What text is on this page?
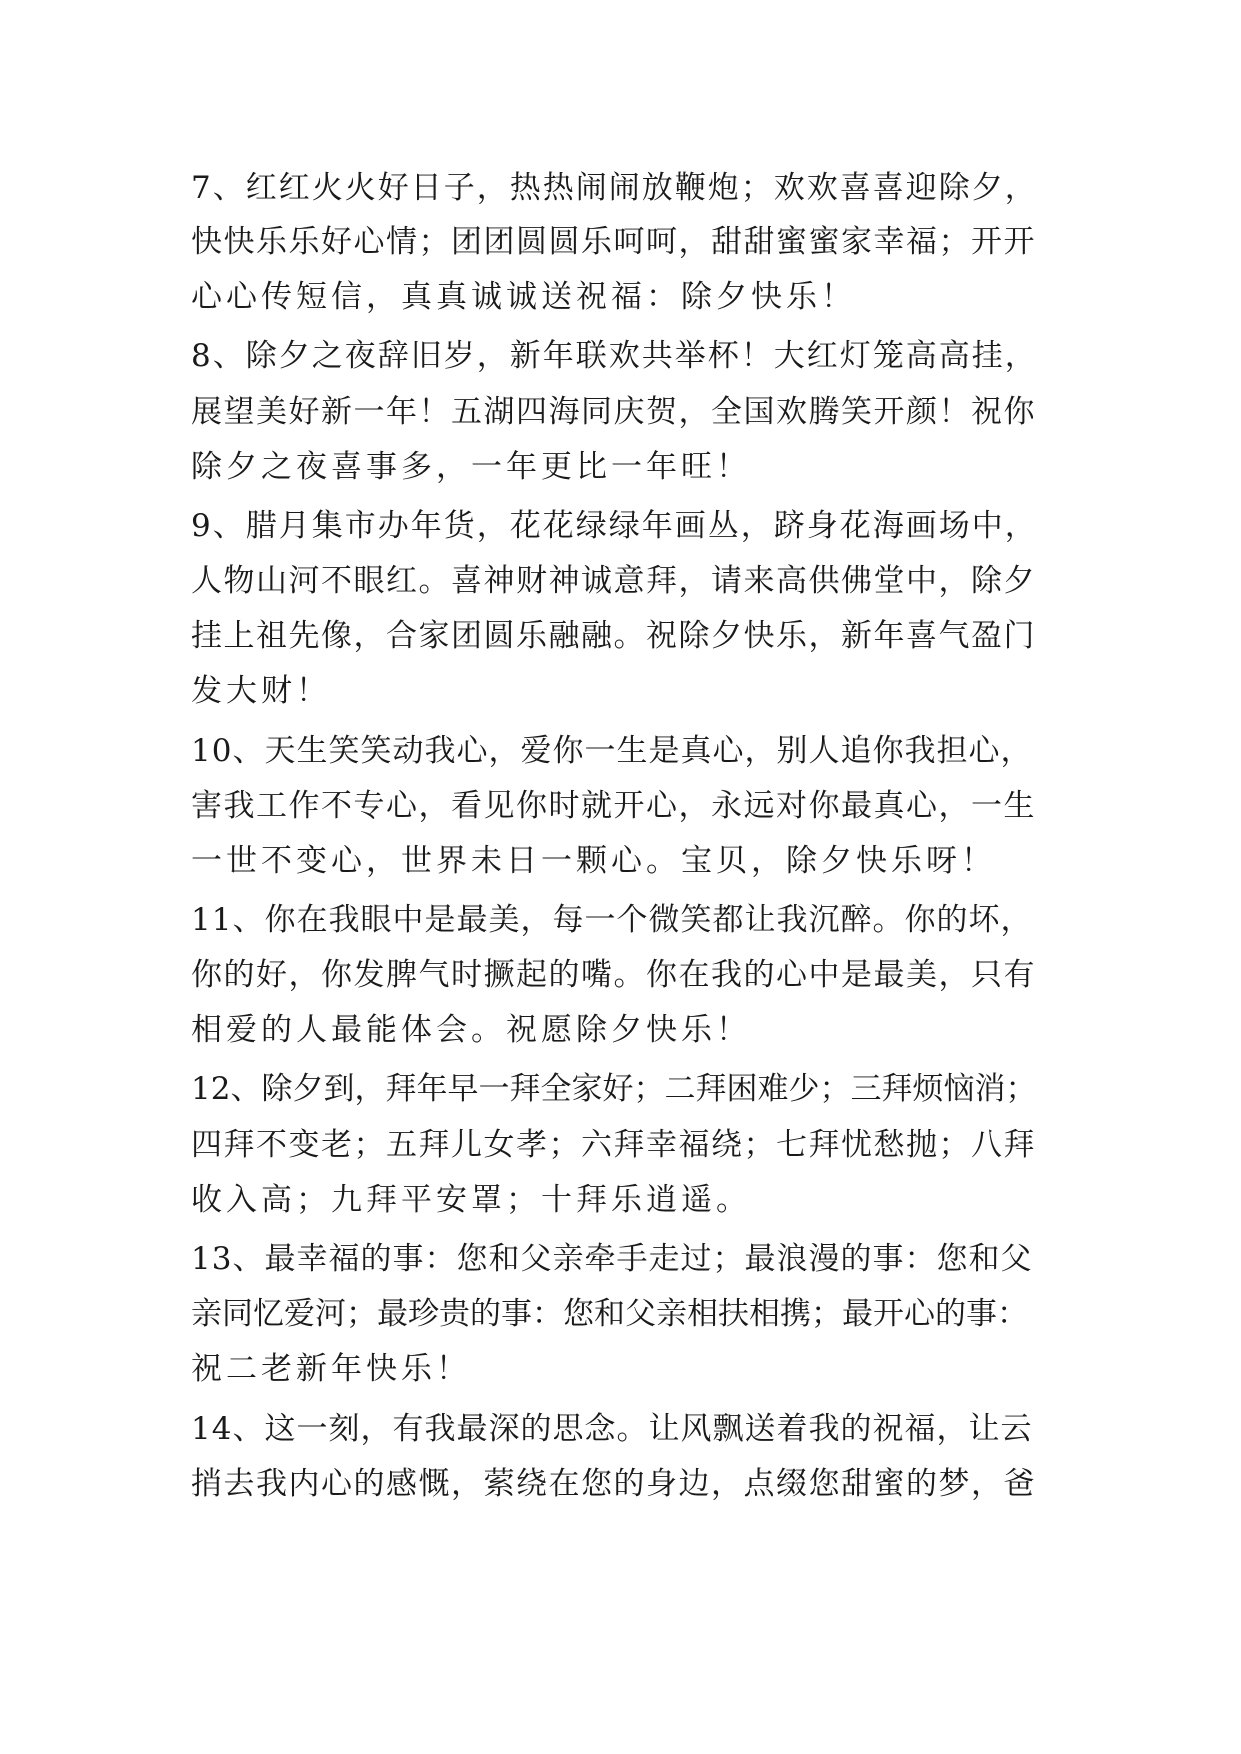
7、红红火火好日子，热热闹闹放鞭炮；欢欢喜喜迎除夕，
快快乐乐好心情；团团圆圆乐呵呵，甜甜蜜蜜家幸福；开开
心心传短信，真真诚诚送祝福：除夕快乐！
8、除夕之夜辞旧岁，新年联欢共举杯！大红灯笼高高挂，
展望美好新一年！五湖四海同庆贺，全国欢腾笑开颜！祝你
除夕之夜喜事多，一年更比一年旺！
9、腊月集市办年货，花花绿绿年画丛，跻身花海画场中，
人物山河不眼红。喜神财神诚意拜，请来高供佛堂中，除夕
挂上祖先像，合家团圆乐融融。祝除夕快乐，新年喜气盈门
发大财！
10、天生笑笑动我心，爱你一生是真心，别人追你我担心，
害我工作不专心，看见你时就开心，永远对你最真心，一生
一世不变心，世界未日一颗心。宝贝，除夕快乐呀！
11、你在我眼中是最美，每一个微笑都让我沉醉。你的坏，
你的好，你发脾气时撅起的嘴。你在我的心中是最美，只有
相爱的人最能体会。祝愿除夕快乐！
12、除夕到，拜年早一拜全家好；二拜困难少；三拜烦恼消；
四拜不变老；五拜儿女孝；六拜幸福绕；七拜忧愁抛；八拜
收入高；九拜平安罩；十拜乐逍遥。
13、最幸福的事：您和父亲牵手走过；最浪漫的事：您和父
亲同忆爱河；最珍贵的事：您和父亲相扶相携；最开心的事：
祝二老新年快乐！
14、这一刻，有我最深的思念。让风飘送着我的祝福，让云
捎去我内心的感慨，萦绕在您的身边，点缀您甜蜜的梦，爸
